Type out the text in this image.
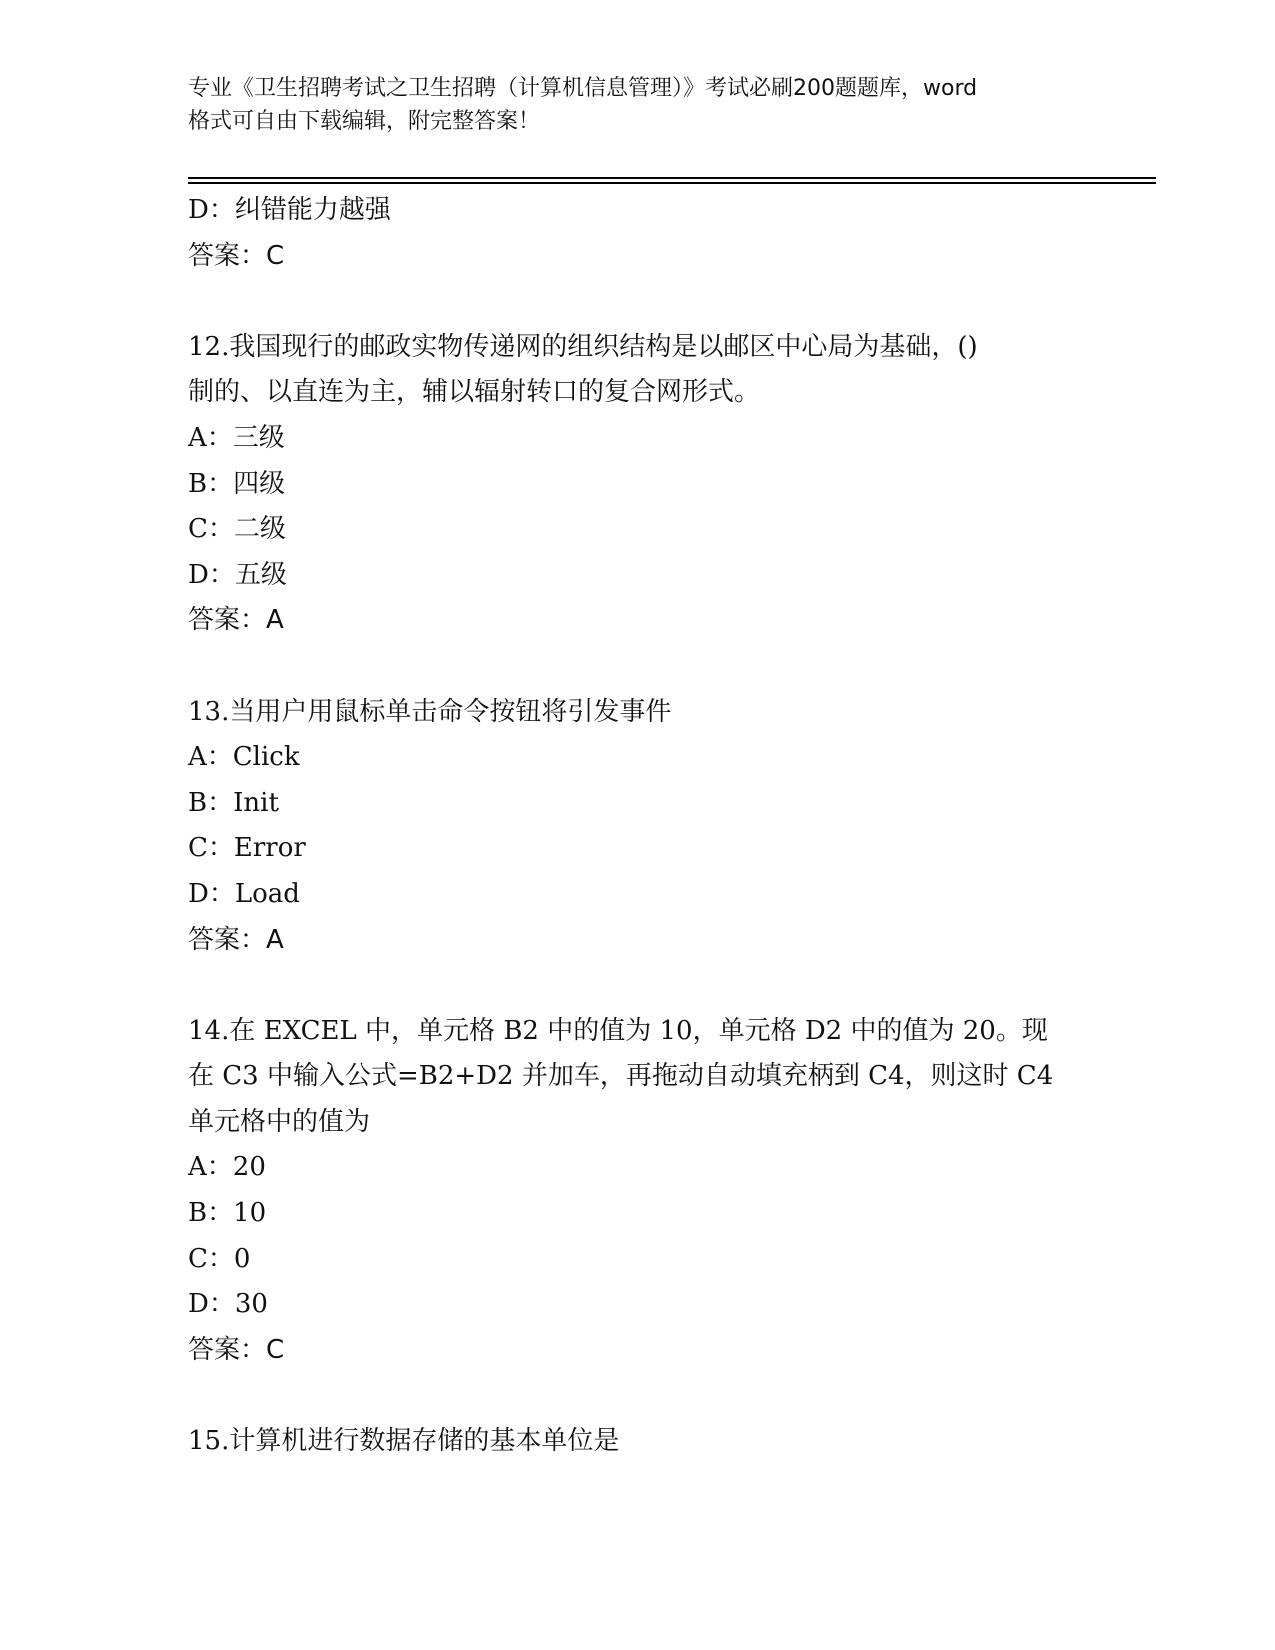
专业《卫生招聘考试之卫生招聘（计算机信息管理）》考试必刷200题题库，word
格式可自由下载编辑，附完整答案！
D：纠错能力越强
答案：C
12.我国现行的邮政实物传递网的组织结构是以邮区中心局为基础，()
制的、以直连为主，辅以辐射转口的复合网形式。
A：三级
B：四级
C：二级
D：五级
答案：A
13.当用户用鼠标单击命令按钮将引发事件
A：Click
B：Init
C：Error
D：Load
答案：A
14.在 EXCEL 中，单元格 B2 中的值为 10，单元格 D2 中的值为 20。现
在 C3 中输入公式=B2+D2 并加车，再拖动自动填充柄到 C4，则这时 C4
单元格中的值为
A：20
B：10
C：0
D：30
答案：C
15.计算机进行数据存储的基本单位是
